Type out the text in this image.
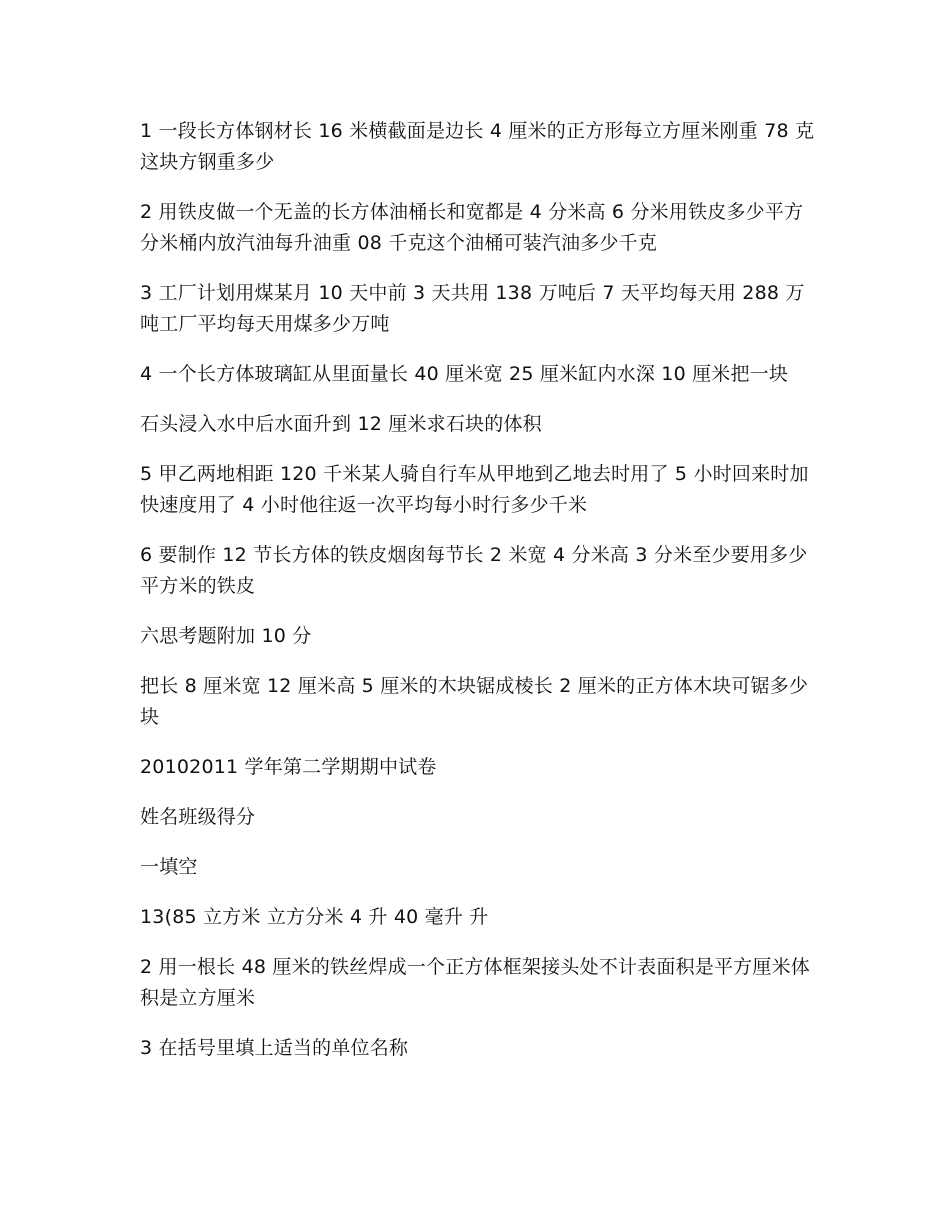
1 一段长方体钢材长 16 米横截面是边长 4 厘米的正方形每立方厘米刚重 78 克这块方钢重多少

2 用铁皮做一个无盖的长方体油桶长和宽都是 4 分米高 6 分米用铁皮多少平方分米桶内放汽油每升油重 08 千克这个油桶可装汽油多少千克

3 工厂计划用煤某月 10 天中前 3 天共用 138 万吨后 7 天平均每天用 288 万吨工厂平均每天用煤多少万吨

4 一个长方体玻璃缸从里面量长 40 厘米宽 25 厘米缸内水深 10 厘米把一块

石头浸入水中后水面升到 12 厘米求石块的体积

5 甲乙两地相距 120 千米某人骑自行车从甲地到乙地去时用了 5 小时回来时加快速度用了 4 小时他往返一次平均每小时行多少千米

6 要制作 12 节长方体的铁皮烟囱每节长 2 米宽 4 分米高 3 分米至少要用多少平方米的铁皮

六思考题附加 10 分

把长 8 厘米宽 12 厘米高 5 厘米的木块锯成棱长 2 厘米的正方体木块可锯多少块

20102011 学年第二学期期中试卷

姓名班级得分

一填空

13(85 立方米 立方分米 4 升 40 毫升 升

2 用一根长 48 厘米的铁丝焊成一个正方体框架接头处不计表面积是平方厘米体积是立方厘米

3 在括号里填上适当的单位名称
